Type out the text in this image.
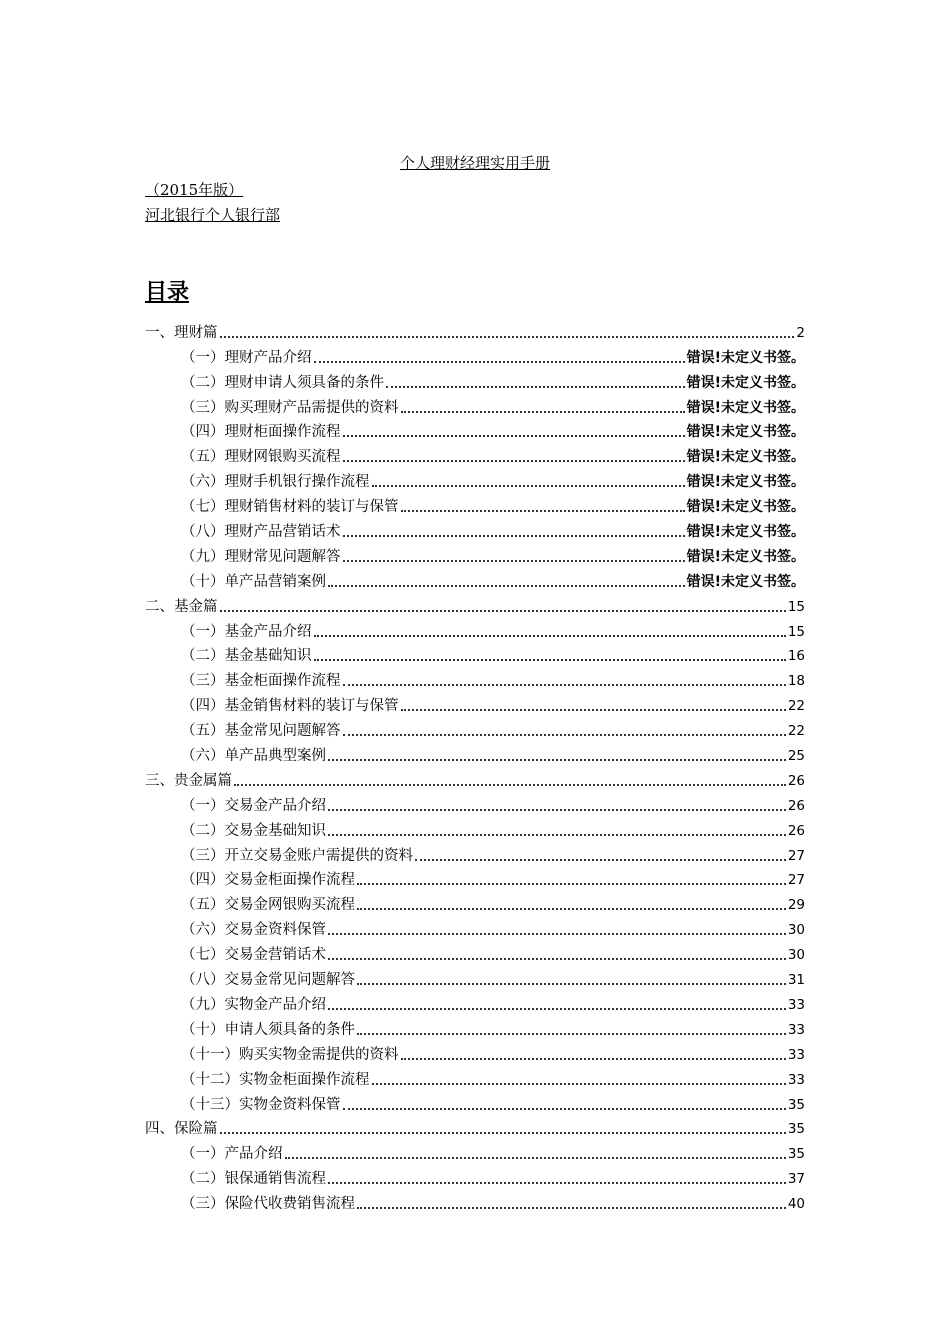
个人理财经理实用手册
（2015年版）
河北银行个人银行部
目录
一、理财篇	2
（一）理财产品介绍	错误!未定义书签。
（二）理财申请人须具备的条件	错误!未定义书签。
（三）购买理财产品需提供的资料	错误!未定义书签。
（四）理财柜面操作流程	错误!未定义书签。
（五）理财网银购买流程	错误!未定义书签。
（六）理财手机银行操作流程	错误!未定义书签。
（七）理财销售材料的装订与保管	错误!未定义书签。
（八）理财产品营销话术	错误!未定义书签。
（九）理财常见问题解答	错误!未定义书签。
（十）单产品营销案例	错误!未定义书签。
二、基金篇	15
（一）基金产品介绍	15
（二）基金基础知识	16
（三）基金柜面操作流程	18
（四）基金销售材料的装订与保管	22
（五）基金常见问题解答	22
（六）单产品典型案例	25
三、贵金属篇	26
（一）交易金产品介绍	26
（二）交易金基础知识	26
（三）开立交易金账户需提供的资料	27
（四）交易金柜面操作流程	27
（五）交易金网银购买流程	29
（六）交易金资料保管	30
（七）交易金营销话术	30
（八）交易金常见问题解答	31
（九）实物金产品介绍	33
（十）申请人须具备的条件	33
（十一）购买实物金需提供的资料	33
（十二）实物金柜面操作流程	33
（十三）实物金资料保管	35
四、保险篇	35
（一）产品介绍	35
（二）银保通销售流程	37
（三）保险代收费销售流程	40
